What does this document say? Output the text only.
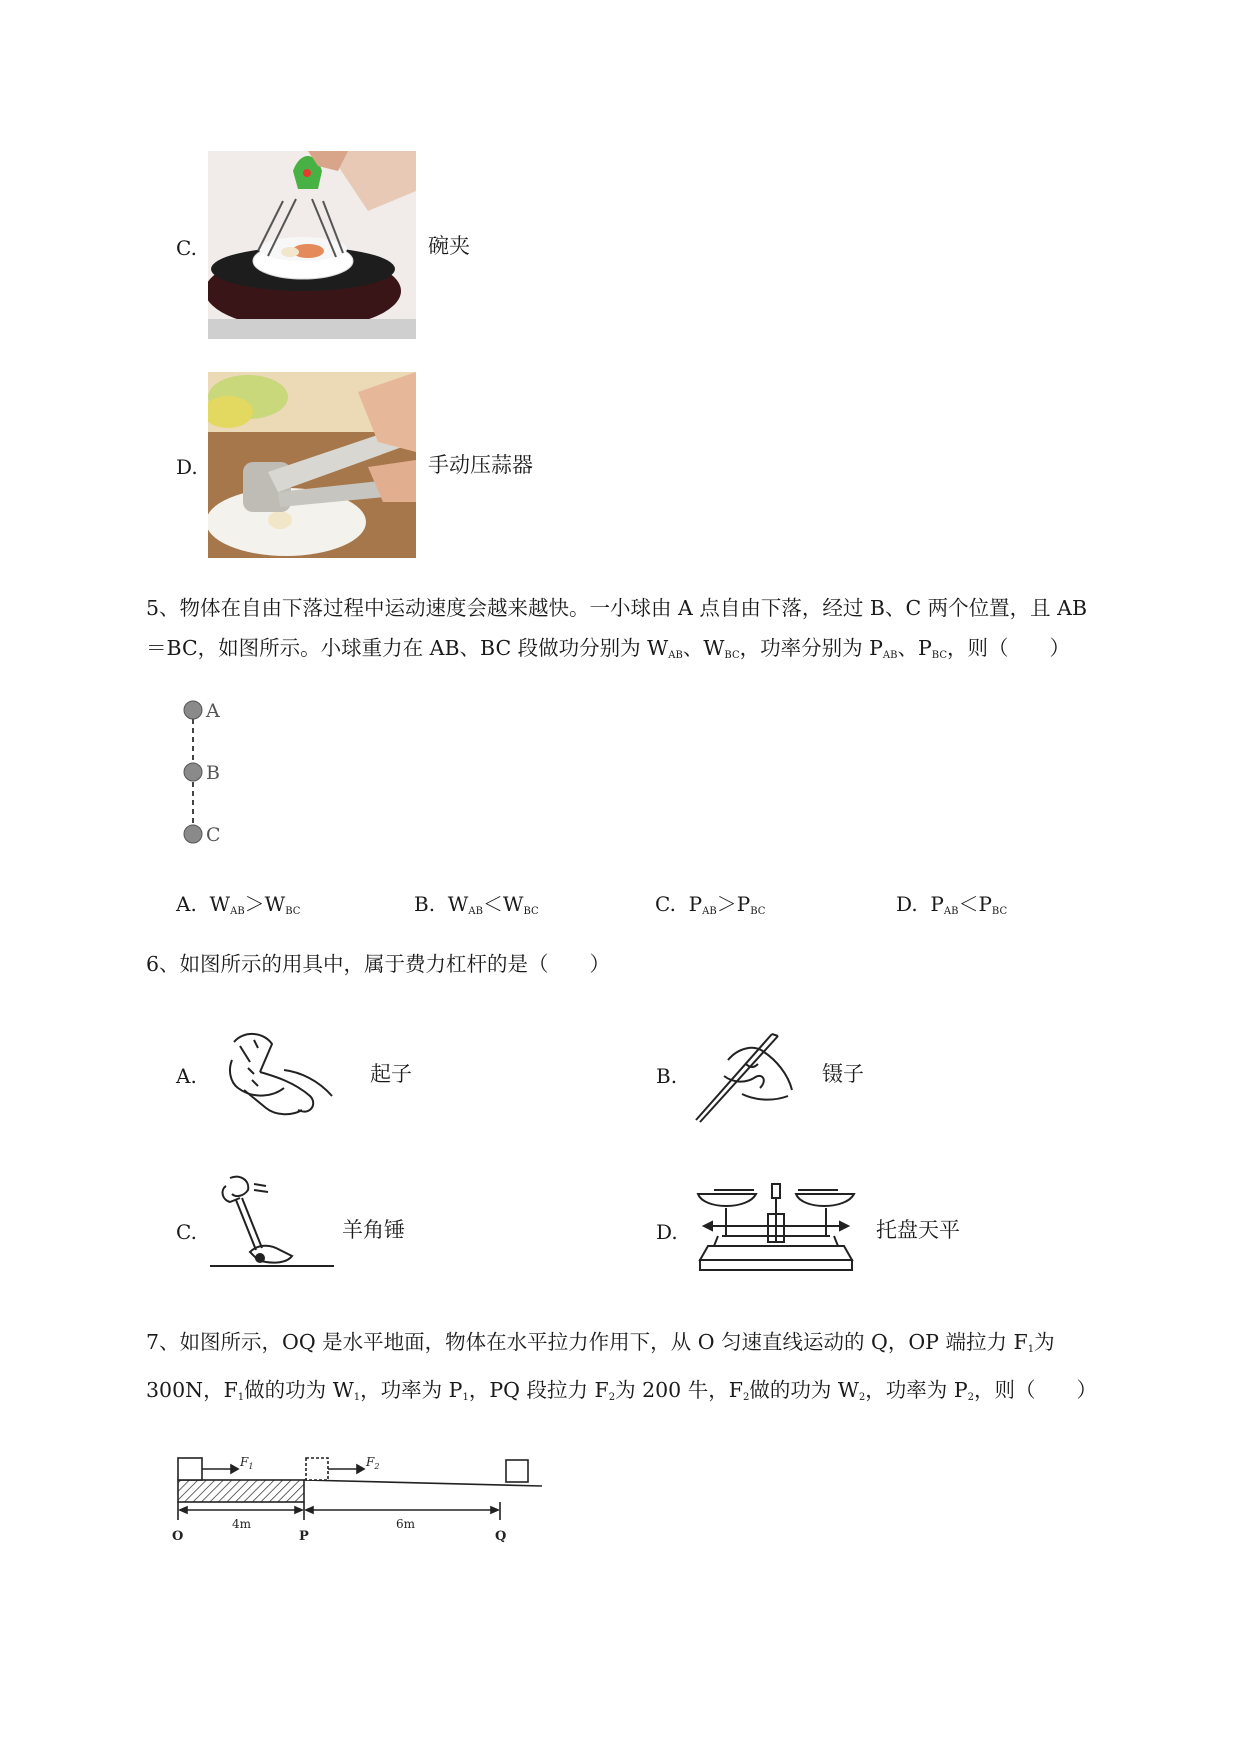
C.	碗夹
D.	手动压蒜器
5、物体在自由下落过程中运动速度会越来越快。一小球由 A 点自由下落，经过 B、C 两个位置，且 AB
＝BC，如图所示。小球重力在 AB、BC 段做功分别为 $W_{AB}$、$W_{BC}$，功率分别为 $P_{AB}$、$P_{BC}$，则（　　）
A
B
C
A. $W_{AB}>W_{BC}$	B. $W_{AB}<W_{BC}$	C. $P_{AB}>P_{BC}$	D. $P_{AB}<P_{BC}$
6、如图所示的用具中，属于费力杠杆的是（　　）
A.	起子	B.	镊子
C.	羊角锤	D.	托盘天平
7、如图所示，OQ 是水平地面，物体在水平拉力作用下，从 O 匀速直线运动的 Q，OP 端拉力 $F_1$为
300N，$F_1$做的功为 $W_1$，功率为 $P_1$，PQ 段拉力 $F_2$为 200 牛，$F_2$做的功为 $W_2$，功率为 $P_2$，则（　　）
$F_1$	$F_2$
4m	6m
O	P	Q
